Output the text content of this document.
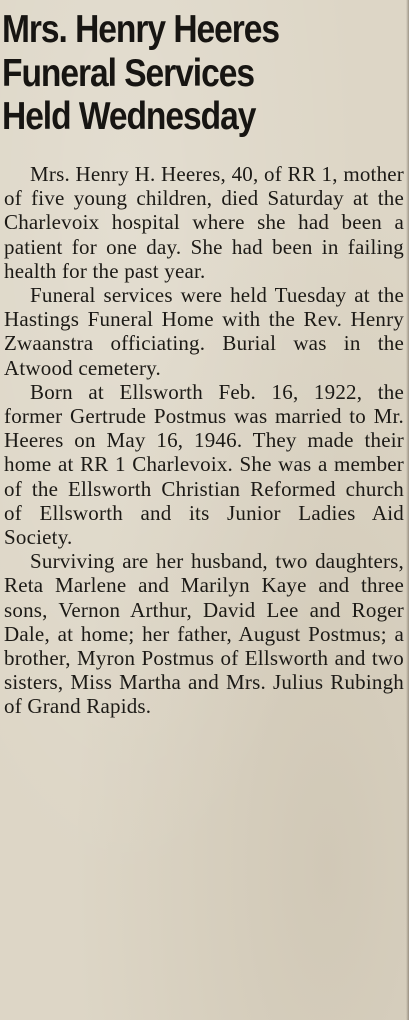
Mrs. Henry Heeres
Funeral Services
Held Wednesday

Mrs. Henry H. Heeres, 40, of RR 1, mother of five young children, died Saturday at the Charlevoix hospital where she had been a patient for one day. She had been in failing health for the past year.

Funeral services were held Tuesday at the Hastings Funeral Home with the Rev. Henry Zwaanstra officiating. Burial was in the Atwood cemetery.

Born at Ellsworth Feb. 16, 1922, the former Gertrude Postmus was married to Mr. Heeres on May 16, 1946. They made their home at RR 1 Charlevoix. She was a member of the Ellsworth Christian Reformed church of Ellsworth and its Junior Ladies Aid Society.

Surviving are her husband, two daughters, Reta Marlene and Marilyn Kaye and three sons, Vernon Arthur, David Lee and Roger Dale, at home; her father, August Postmus; a brother, Myron Postmus of Ellsworth and two sisters, Miss Martha and Mrs. Julius Rubingh of Grand Rapids.
